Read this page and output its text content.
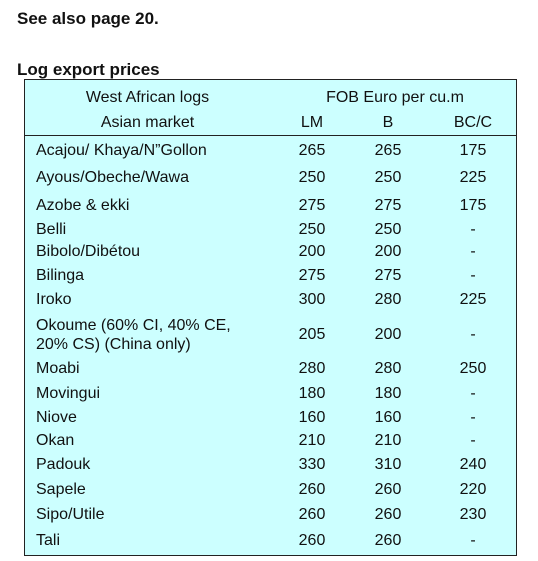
See also page 20.
Log export prices
West African logs	FOB Euro per cu.m
Asian market	LM	B	BC/C
Acajou/ Khaya/N”Gollon	265	265	175
Ayous/Obeche/Wawa	250	250	225
Azobe & ekki	275	275	175
Belli	250	250	-
Bibolo/Dibétou	200	200	-
Bilinga	275	275	-
Iroko	300	280	225
Okoume (60% CI, 40% CE,
20% CS) (China only)
205	200	-
Moabi	280	280	250
Movingui	180	180	-
Niove	160	160	-
Okan	210	210	-
Padouk	330	310	240
Sapele	260	260	220
Sipo/Utile	260	260	230
Tali	260	260	-
